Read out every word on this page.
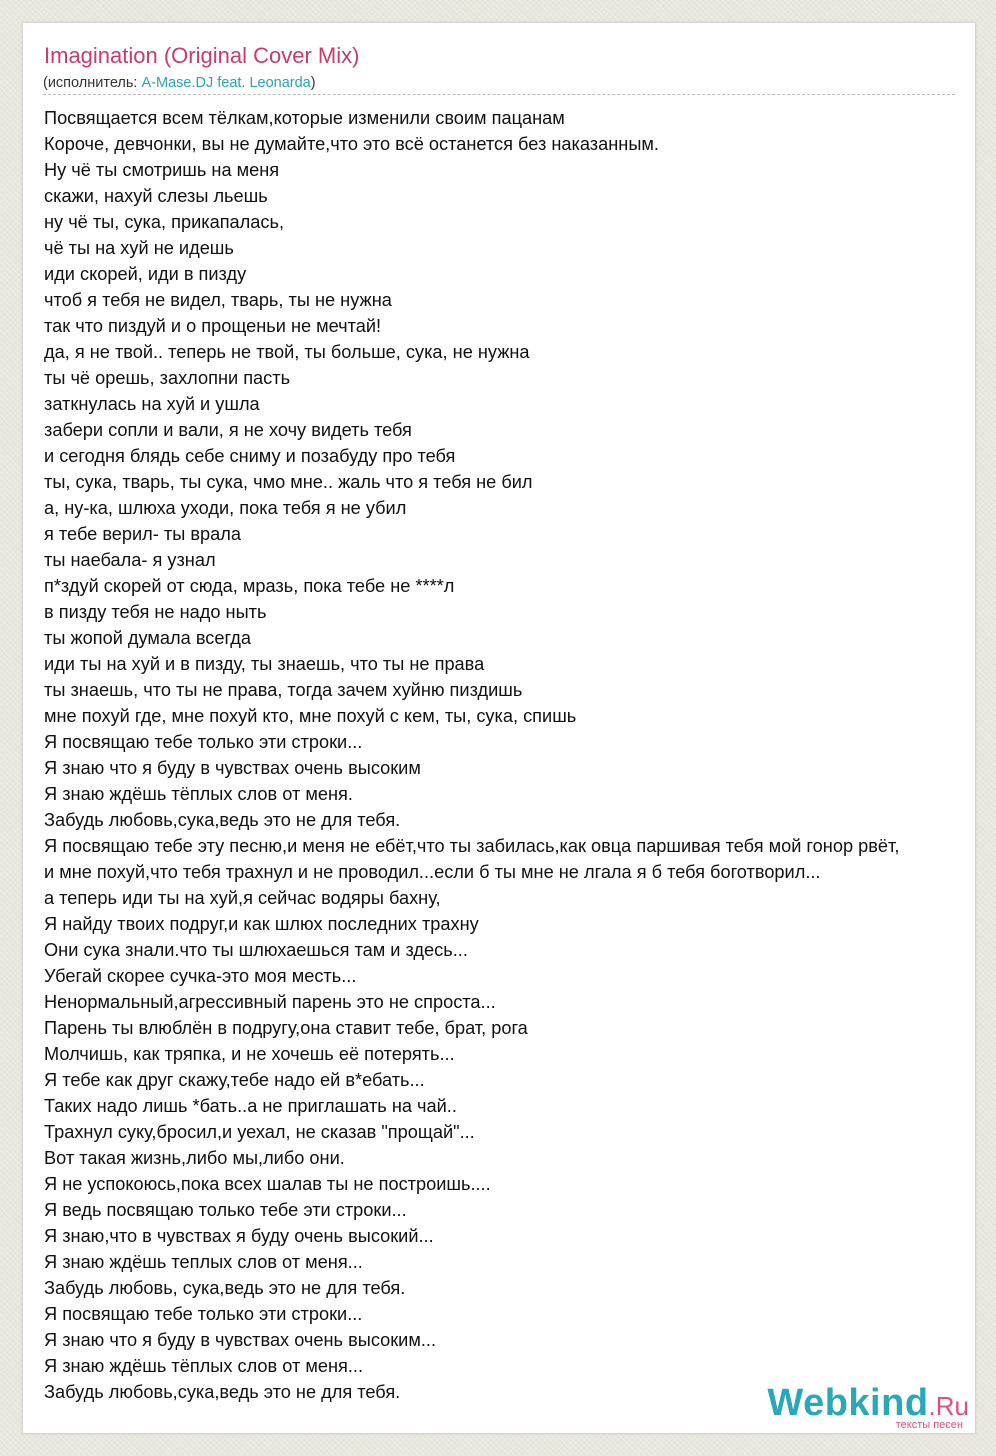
Imagination (Original Cover Mix)
(исполнитель: A-Mase.DJ feat. Leonarda)
Посвящается всем тёлкам,которые изменили своим пацанам
Короче, девчонки, вы не думайте,что это всё останется без наказанным.
Ну чё ты смотришь на меня
скажи, нахуй слезы льешь
ну чё ты, сука, прикапалась,
чё ты на хуй не идешь
иди скорей, иди в пизду
чтоб я тебя не видел, тварь, ты не нужна
так что пиздуй и о прощеньи не мечтай!
да, я не твой.. теперь не твой, ты больше, сука, не нужна
ты чё орешь, захлопни пасть
заткнулась на хуй и ушла
забери сопли и вали, я не хочу видеть тебя
и сегодня блядь себе сниму и позабуду про тебя
ты, сука, тварь, ты сука, чмо мне.. жаль что я тебя не бил
а, ну-ка, шлюха уходи, пока тебя я не убил
я тебе верил- ты врала
ты наебала- я узнал
п*здуй скорей от сюда, мразь, пока тебе не ****л
в пизду тебя не надо ныть
ты жопой думала всегда
иди ты на хуй и в пизду, ты знаешь, что ты не права
ты знаешь, что ты не права, тогда зачем хуйню пиздишь
мне похуй где, мне похуй кто, мне похуй с кем, ты, сука, спишь
Я посвящаю тебе только эти строки...
Я знаю что я буду в чувствах очень высоким
Я знаю ждёшь тёплых слов от меня.
Забудь любовь,сука,ведь это не для тебя.
Я посвящаю тебе эту песню,и меня не ебёт,что ты забилась,как овца паршивая тебя мой гонор рвёт,
и мне похуй,что тебя трахнул и не проводил...если б ты мне не лгала я б тебя боготворил...
а теперь иди ты на хуй,я сейчас водяры бахну,
Я найду твоих подруг,и как шлюх последних трахну
Они сука знали.что ты шлюхаешься там и здесь...
Убегай скорее сучка-это моя месть...
Ненормальный,агрессивный парень это не спроста...
Парень ты влюблён в подругу,она ставит тебе, брат, рога
Молчишь, как тряпка, и не хочешь её потерять...
Я тебе как друг скажу,тебе надо ей в*ебать...
Таких надо лишь *бать..а не приглашать на чай..
Трахнул суку,бросил,и уехал, не сказав "прощай"...
Вот такая жизнь,либо мы,либо они.
Я не успокоюсь,пока всех шалав ты не построишь....
Я ведь посвящаю только тебе эти строки...
Я знаю,что в чувствах я буду очень высокий...
Я знаю ждёшь теплых слов от меня...
Забудь любовь, сука,ведь это не для тебя.
Я посвящаю тебе только эти строки...
Я знаю что я буду в чувствах очень высоким...
Я знаю ждёшь тёплых слов от меня...
Забудь любовь,сука,ведь это не для тебя.	Webkind.Ru
тексты песен
